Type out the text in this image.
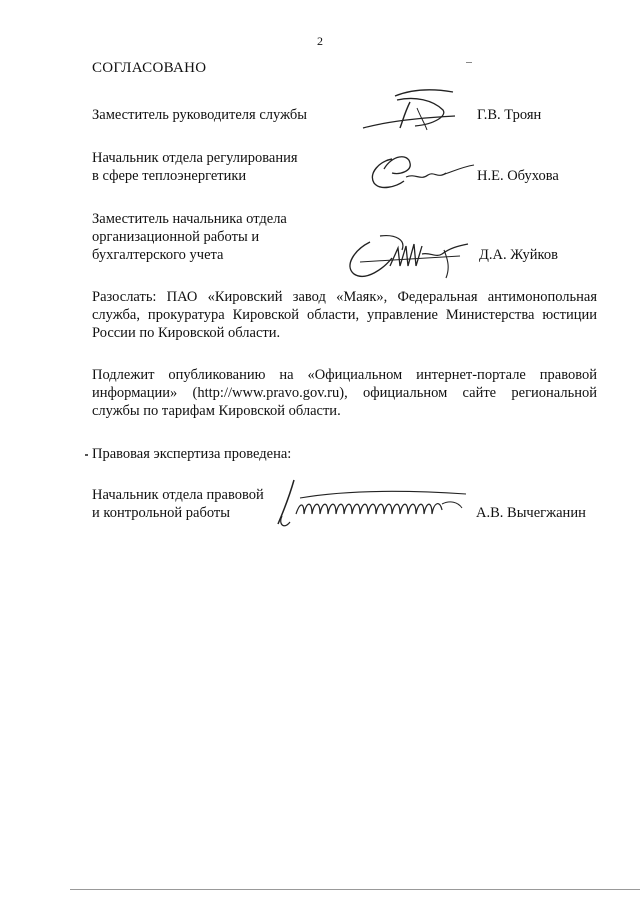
2
СОГЛАСОВАНО
Заместитель руководителя службы	Г.В. Троян
Начальник отдела регулирования
в сфере теплоэнергетики	Н.Е. Обухова
Заместитель начальника отдела
организационной работы и
бухгалтерского учета	Д.А. Жуйков
Разослать: ПАО «Кировский завод «Маяк», Федеральная антимонопольная
служба, прокуратура Кировской области, управление Министерства юстиции
России по Кировской области.
Подлежит опубликованию на «Официальном интернет-портале правовой
информации» (http://www.pravo.gov.ru), официальном сайте региональной
службы по тарифам Кировской области.
Правовая экспертиза проведена:
Начальник отдела правовой
и контрольной работы	А.В. Вычегжанин
